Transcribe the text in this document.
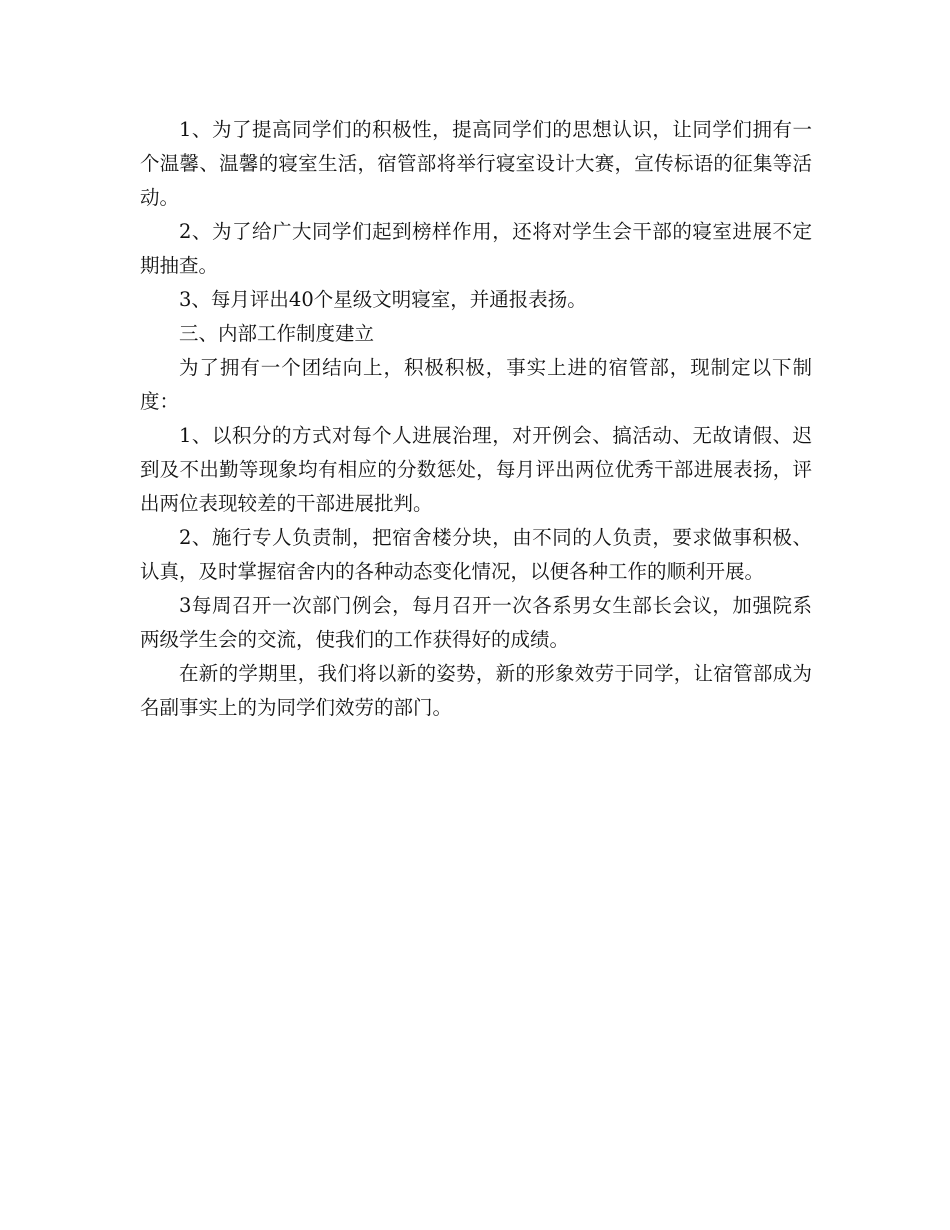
1、为了提高同学们的积极性，提高同学们的思想认识，让同学们拥有一个温馨、温馨的寝室生活，宿管部将举行寝室设计大赛，宣传标语的征集等活动。

2、为了给广大同学们起到榜样作用，还将对学生会干部的寝室进展不定期抽查。

3、每月评出40个星级文明寝室，并通报表扬。

三、内部工作制度建立

为了拥有一个团结向上，积极积极，事实上进的宿管部，现制定以下制度：

1、以积分的方式对每个人进展治理，对开例会、搞活动、无故请假、迟到及不出勤等现象均有相应的分数惩处，每月评出两位优秀干部进展表扬，评出两位表现较差的干部进展批判。

2、施行专人负责制，把宿舍楼分块，由不同的人负责，要求做事积极、认真，及时掌握宿舍内的各种动态变化情况，以便各种工作的顺利开展。

3每周召开一次部门例会，每月召开一次各系男女生部长会议，加强院系两级学生会的交流，使我们的工作获得好的成绩。

在新的学期里，我们将以新的姿势，新的形象效劳于同学，让宿管部成为名副事实上的为同学们效劳的部门。
